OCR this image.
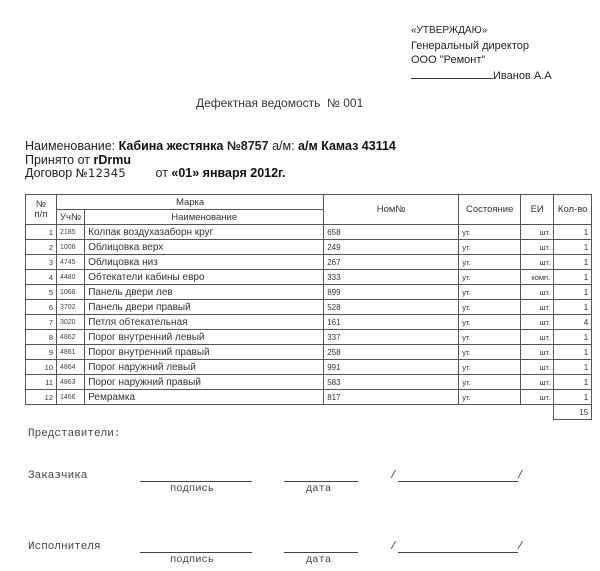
«УТВЕРЖДАЮ»
Генеральный директор
ООО "Ремонт"
Иванов А.А
Дефектная ведомость № 001
Наименование: Кабина жестянка №8757 а/м: а/м Камаз 43114
Принято от rDrmu
Договор №12345 от «01» января 2012г.
№
п/п	Марка		Ном№	Состояние	ЕИ	Кол-во
	Уч№	Наименование				
1	2185	Колпак воздухазаборн круг	658	ут.	шт.	1
2	1006	Облицовка верх	249	ут.	шт.	1
3	4745	Облицовка низ	267	ут.	шт.	1
4	4480	Обтекатели кабины евро	333	ут.	комп.	1
5	1068	Панель двери лев	899	ут.	шт.	1
6	3702	Панель двери правый	528	ут.	шт.	1
7	3020	Петля обтекательная	161	ут.	шт.	4
8	4862	Порог внутренний левый	337	ут.	шт.	1
9	4861	Порог внутренний правый	258	ут.	шт.	1
10	4864	Порог наружний левый	991	ут.	шт.	1
11	4863	Порог наружний правый	583	ут.	шт.	1
12	1466	Ремрамка	817	ут.	шт.	1
						15
Представители:
Заказчика
подпись	дата
/	/
Исполнителя
подпись	дата
/	/
